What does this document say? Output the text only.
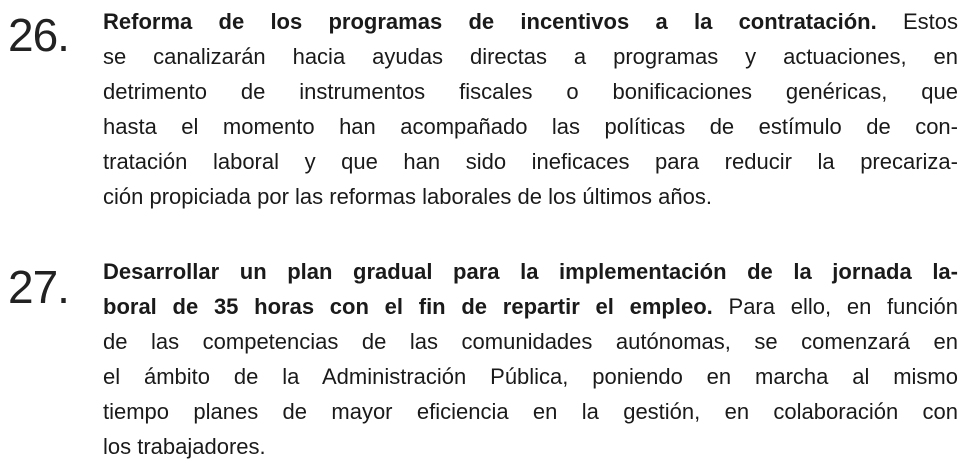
26. Reforma de los programas de incentivos a la contratación. Estos
se canalizarán hacia ayudas directas a programas y actuaciones, en
detrimento de instrumentos fiscales o bonificaciones genéricas, que
hasta el momento han acompañado las políticas de estímulo de con-
tratación laboral y que han sido ineficaces para reducir la precariza-
ción propiciada por las reformas laborales de los últimos años.
27. Desarrollar un plan gradual para la implementación de la jornada la-
boral de 35 horas con el fin de repartir el empleo. Para ello, en función
de las competencias de las comunidades autónomas, se comenzará en
el ámbito de la Administración Pública, poniendo en marcha al mismo
tiempo planes de mayor eficiencia en la gestión, en colaboración con
los trabajadores.
